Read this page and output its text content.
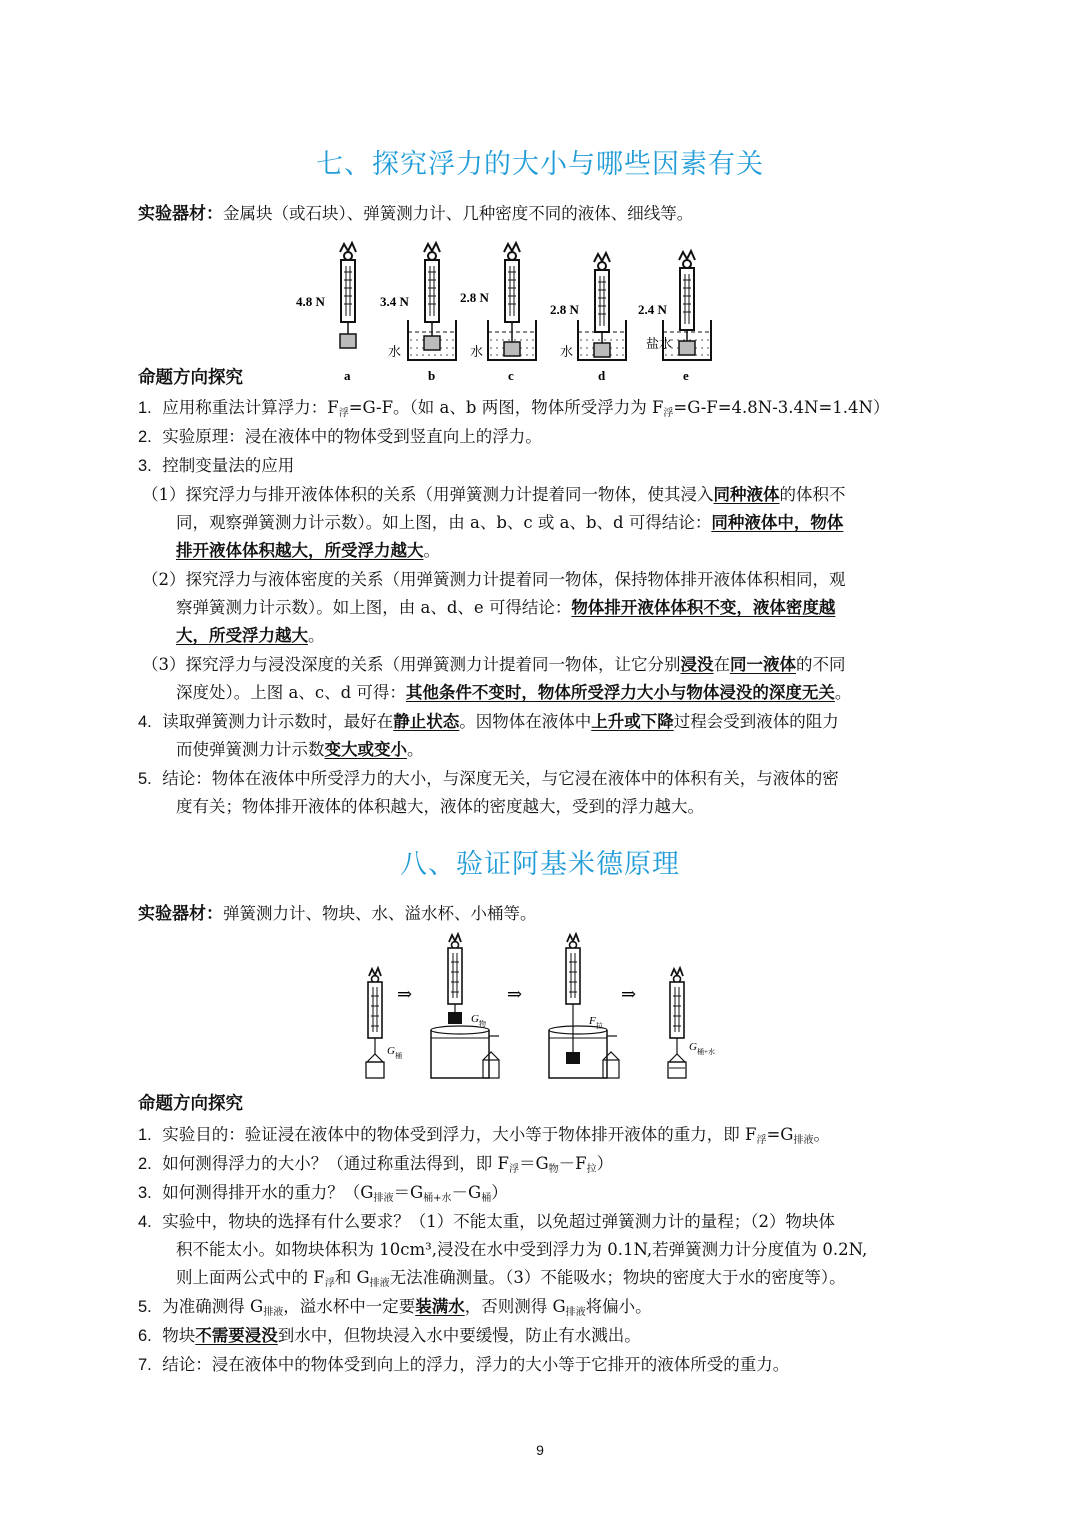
七、探究浮力的大小与哪些因素有关
实验器材：金属块（或石块）、弹簧测力计、几种密度不同的液体、细线等。
4.8 N	3.4 N	2.8 N
2.8 N	2.4 N
水	水	水
盐水
a	b	c	d	e
命题方向探究
1. 应用称重法计算浮力：$F_浮=G-F$。（如 a、b 两图，物体所受浮力为 $F_浮=G-F=4.8N-3.4N=1.4N$）
2. 实验原理：浸在液体中的物体受到竖直向上的浮力。
3. 控制变量法的应用
（1）探究浮力与排开液体体积的关系（用弹簧测力计提着同一物体，使其浸入同种液体的体积不
同，观察弹簧测力计示数）。如上图，由 a、b、c 或 a、b、d 可得结论：同种液体中，物体
排开液体体积越大，所受浮力越大。
（2）探究浮力与液体密度的关系（用弹簧测力计提着同一物体，保持物体排开液体体积相同，观
察弹簧测力计示数）。如上图，由 a、d、e 可得结论：物体排开液体体积不变，液体密度越
大，所受浮力越大。
（3）探究浮力与浸没深度的关系（用弹簧测力计提着同一物体，让它分别浸没在同一液体的不同
深度处）。上图 a、c、d 可得：其他条件不变时，物体所受浮力大小与物体浸没的深度无关。
4. 读取弹簧测力计示数时，最好在静止状态。因物体在液体中上升或下降过程会受到液体的阻力
而使弹簧测力计示数变大或变小。
5. 结论：物体在液体中所受浮力的大小，与深度无关，与它浸在液体中的体积有关，与液体的密
度有关；物体排开液体的体积越大，液体的密度越大，受到的浮力越大。
八、验证阿基米德原理
实验器材：弹簧测力计、物块、水、溢水杯、小桶等。
⇒	⇒	⇒
G 桶
G 物	F 拉
G 桶+水
命题方向探究
1. 实验目的：验证浸在液体中的物体受到浮力，大小等于物体排开液体的重力，即 $F_浮=G_{排液}$。
2. 如何测得浮力的大小？（通过称重法得到，即 $F_浮=G_物-F_拉$）
3. 如何测得排开水的重力？$(G_{排液}=G_{桶+水}-G_桶)$
4. 实验中，物块的选择有什么要求？（1）不能太重，以免超过弹簧测力计的量程；（2）物块体
积不能太小。如物块体积为 10cm³,浸没在水中受到浮力为 0.1N,若弹簧测力计分度值为 0.2N,
则上面两公式中的 $F_浮$和 $G_{排液}$无法准确测量。（3）不能吸水；物块的密度大于水的密度等）。
5. 为准确测得 $G_{排液}$，溢水杯中一定要装满水，否则测得 $G_{排液}$将偏小。
6. 物块不需要浸没到水中，但物块浸入水中要缓慢，防止有水溅出。
7. 结论：浸在液体中的物体受到向上的浮力，浮力的大小等于它排开的液体所受的重力。
9
